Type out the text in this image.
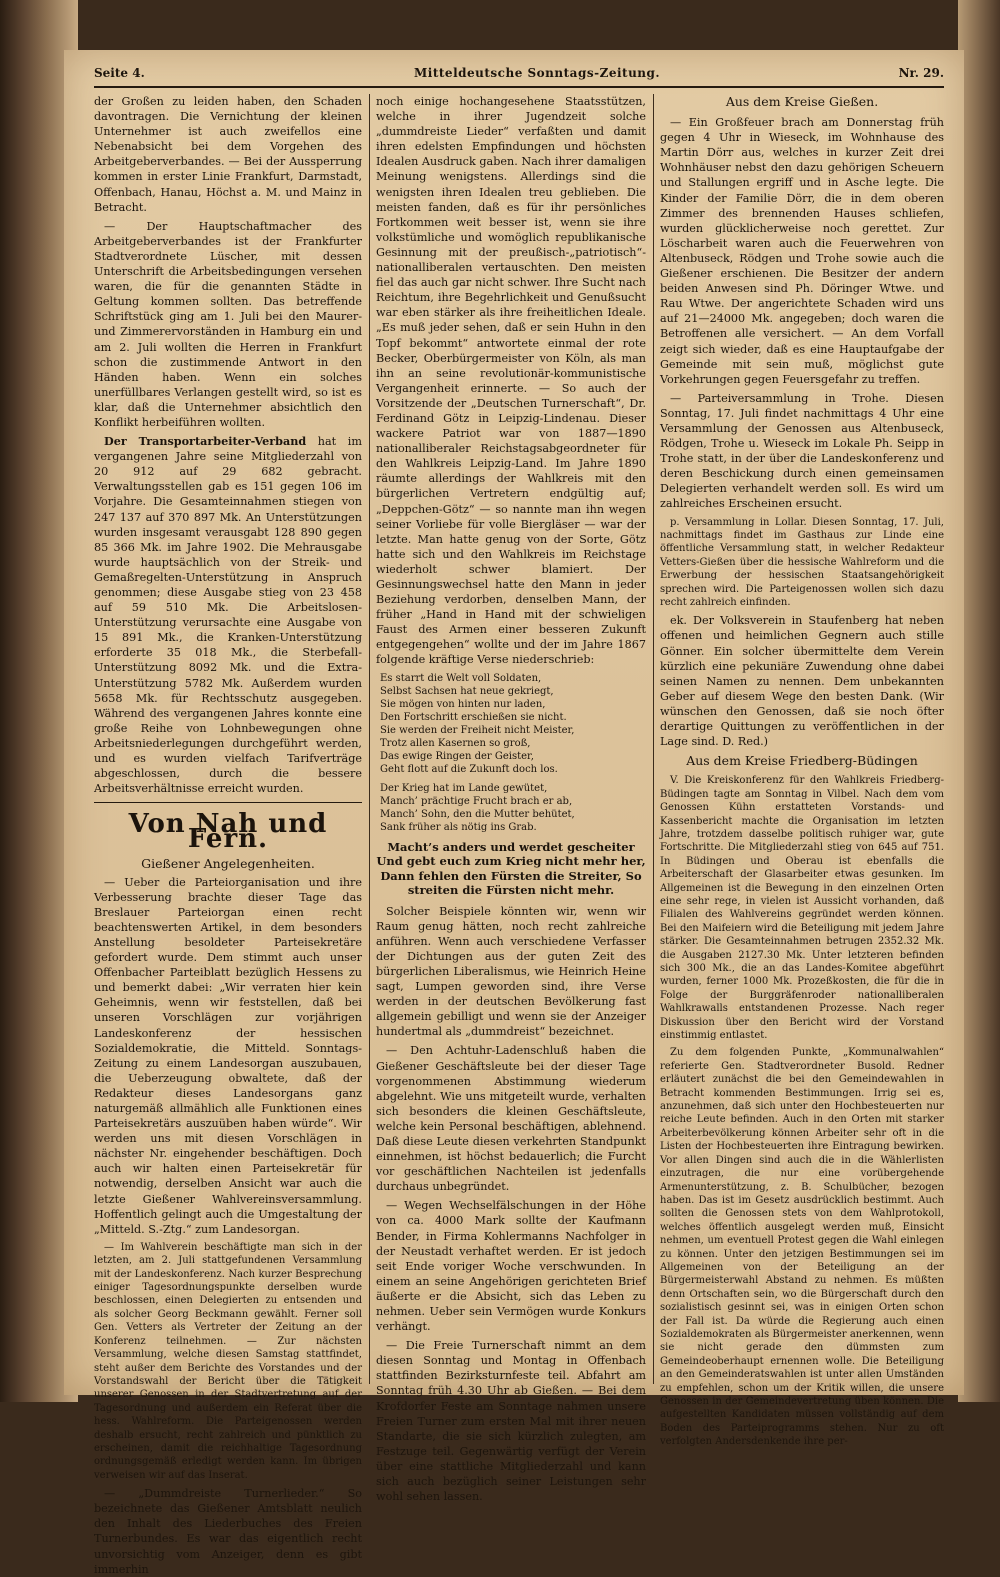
Seite 4.	Mitteldeutsche Sonntags-Zeitung.	Nr. 29.

der Großen zu leiden haben, den Schaden davontragen. Die Vernichtung der kleinen Unternehmer ist auch zweifellos eine Nebenabsicht bei dem Vorgehen des Arbeitgeberverbandes. — Bei der Aussperrung kommen in erster Linie Frankfurt, Darmstadt, Offenbach, Hanau, Höchst a. M. und Mainz in Betracht.

— Der Hauptschaftmacher des Arbeitgeberverbandes ist der Frankfurter Stadtverordnete Lüscher, mit dessen Unterschrift die Arbeitsbedingungen versehen waren, die für die genannten Städte in Geltung kommen sollten. Das betreffende Schriftstück ging am 1. Juli bei den Maurer- und Zimmerervorständen in Hamburg ein und am 2. Juli wollten die Herren in Frankfurt schon die zustimmende Antwort in den Händen haben. Wenn ein solches unerfüllbares Verlangen gestellt wird, so ist es klar, daß die Unternehmer absichtlich den Konflikt herbeiführen wollten.

Der Transportarbeiter-Verband hat im vergangenen Jahre seine Mitgliederzahl von 20 912 auf 29 682 gebracht. Verwaltungsstellen gab es 151 gegen 106 im Vorjahre. Die Gesamteinnahmen stiegen von 247 137 auf 370 897 Mk. An Unterstützungen wurden insgesamt verausgabt 128 890 gegen 85 366 Mk. im Jahre 1902. Die Mehrausgabe wurde hauptsächlich von der Streik- und Gemaßregelten-Unterstützung in Anspruch genommen; diese Ausgabe stieg von 23 458 auf 59 510 Mk. Die Arbeitslosen-Unterstützung verursachte eine Ausgabe von 15 891 Mk., die Kranken-Unterstützung erforderte 35 018 Mk., die Sterbefall-Unterstützung 8092 Mk. und die Extra-Unterstützung 5782 Mk. Außerdem wurden 5658 Mk. für Rechtsschutz ausgegeben. Während des vergangenen Jahres konnte eine große Reihe von Lohnbewegungen ohne Arbeitsniederlegungen durchgeführt werden, und es wurden vielfach Tarifverträge abgeschlossen, durch die bessere Arbeitsverhältnisse erreicht wurden.

Von Nah und Fern.
Gießener Angelegenheiten.

— Ueber die Parteiorganisation und ihre Verbesserung brachte dieser Tage das Breslauer Parteiorgan einen recht beachtenswerten Artikel, in dem besonders Anstellung besoldeter Parteisekretäre gefordert wurde. Dem stimmt auch unser Offenbacher Parteiblatt bezüglich Hessens zu und bemerkt dabei: „Wir verraten hier kein Geheimnis, wenn wir feststellen, daß bei unseren Vorschlägen zur vorjährigen Landeskonferenz der hessischen Sozialdemokratie, die Mitteld. Sonntags-Zeitung zu einem Landesorgan auszubauen, die Ueberzeugung obwaltete, daß der Redakteur dieses Landesorgans ganz naturgemäß allmählich alle Funktionen eines Parteisekretärs auszuüben haben würde“. Wir werden uns mit diesen Vorschlägen in nächster Nr. eingehender beschäftigen. Doch auch wir halten einen Parteisekretär für notwendig, derselben Ansicht war auch die letzte Gießener Wahlvereinsversammlung. Hoffentlich gelingt auch die Umgestaltung der „Mitteld. S.-Ztg.“ zum Landesorgan.

— Im Wahlverein beschäftigte man sich in der letzten, am 2. Juli stattgefundenen Versammlung mit der Landeskonferenz. Nach kurzer Besprechung einiger Tagesordnungspunkte derselben wurde beschlossen, einen Delegierten zu entsenden und als solcher Georg Beckmann gewählt. Ferner soll Gen. Vetters als Vertreter der Zeitung an der Konferenz teilnehmen. — Zur nächsten Versammlung, welche diesen Samstag stattfindet, steht außer dem Berichte des Vorstandes und der Vorstandswahl der Bericht über die Tätigkeit unserer Genossen in der Stadtvertretung auf der Tagesordnung und außerdem ein Referat über die hess. Wahlreform. Die Parteigenossen werden deshalb ersucht, recht zahlreich und pünktlich zu erscheinen, damit die reichhaltige Tagesordnung ordnungsgemäß erledigt werden kann. Im übrigen verweisen wir auf das Inserat.

— „Dummdreiste Turnerlieder.“ So bezeichnete das Gießener Amtsblatt neulich den Inhalt des Liederbuches des Freien Turnerbundes. Es war das eigentlich recht unvorsichtig vom Anzeiger, denn es gibt immerhin

noch einige hochangesehene Staatsstützen, welche in ihrer Jugendzeit solche „dummdreiste Lieder“ verfaßten und damit ihren edelsten Empfindungen und höchsten Idealen Ausdruck gaben. Nach ihrer damaligen Meinung wenigstens. Allerdings sind die wenigsten ihren Idealen treu geblieben. Die meisten fanden, daß es für ihr persönliches Fortkommen weit besser ist, wenn sie ihre volkstümliche und womöglich republikanische Gesinnung mit der preußisch-„patriotisch“-nationalliberalen vertauschten. Den meisten fiel das auch gar nicht schwer. Ihre Sucht nach Reichtum, ihre Begehrlichkeit und Genußsucht war eben stärker als ihre freiheitlichen Ideale. „Es muß jeder sehen, daß er sein Huhn in den Topf bekommt“ antwortete einmal der rote Becker, Oberbürgermeister von Köln, als man ihn an seine revolutionär-kommunistische Vergangenheit erinnerte. — So auch der Vorsitzende der „Deutschen Turnerschaft“, Dr. Ferdinand Götz in Leipzig-Lindenau. Dieser wackere Patriot war von 1887—1890 nationalliberaler Reichstagsabgeordneter für den Wahlkreis Leipzig-Land. Im Jahre 1890 räumte allerdings der Wahlkreis mit den bürgerlichen Vertretern endgültig auf; „Deppchen-Götz“ — so nannte man ihn wegen seiner Vorliebe für volle Biergläser — war der letzte. Man hatte genug von der Sorte, Götz hatte sich und den Wahlkreis im Reichstage wiederholt schwer blamiert. Der Gesinnungswechsel hatte den Mann in jeder Beziehung verdorben, denselben Mann, der früher „Hand in Hand mit der schwieligen Faust des Armen einer besseren Zukunft entgegengehen“ wollte und der im Jahre 1867 folgende kräftige Verse niederschrieb:

Es starrt die Welt voll Soldaten,
Selbst Sachsen hat neue gekriegt,
Sie mögen von hinten nur laden,
Den Fortschritt erschießen sie nicht.
Sie werden der Freiheit nicht Meister,
Trotz allen Kasernen so groß,
Das ewige Ringen der Geister,
Geht flott auf die Zukunft doch los.
Der Krieg hat im Lande gewütet,
Manch’ prächtige Frucht brach er ab,
Manch’ Sohn, den die Mutter behütet,
Sank früher als nötig ins Grab.
Macht’s anders und werdet gescheiter Und gebt euch zum Krieg nicht mehr her, Dann fehlen den Fürsten die Streiter, So streiten die Fürsten nicht mehr.

Solcher Beispiele könnten wir, wenn wir Raum genug hätten, noch recht zahlreiche anführen. Wenn auch verschiedene Verfasser der Dichtungen aus der guten Zeit des bürgerlichen Liberalismus, wie Heinrich Heine sagt, Lumpen geworden sind, ihre Verse werden in der deutschen Bevölkerung fast allgemein gebilligt und wenn sie der Anzeiger hundertmal als „dummdreist“ bezeichnet.

— Den Achtuhr-Ladenschluß haben die Gießener Geschäftsleute bei der dieser Tage vorgenommenen Abstimmung wiederum abgelehnt. Wie uns mitgeteilt wurde, verhalten sich besonders die kleinen Geschäftsleute, welche kein Personal beschäftigen, ablehnend. Daß diese Leute diesen verkehrten Standpunkt einnehmen, ist höchst bedauerlich; die Furcht vor geschäftlichen Nachteilen ist jedenfalls durchaus unbegründet.

— Wegen Wechselfälschungen in der Höhe von ca. 4000 Mark sollte der Kaufmann Bender, in Firma Kohlermanns Nachfolger in der Neustadt verhaftet werden. Er ist jedoch seit Ende voriger Woche verschwunden. In einem an seine Angehörigen gerichteten Brief äußerte er die Absicht, sich das Leben zu nehmen. Ueber sein Vermögen wurde Konkurs verhängt.

— Die Freie Turnerschaft nimmt an dem diesen Sonntag und Montag in Offenbach stattfinden Bezirksturnfeste teil. Abfahrt am Sonntag früh 4.30 Uhr ab Gießen. — Bei dem Krofdorfer Feste am Sonntage nahmen unsere Freien Turner zum ersten Mal mit ihrer neuen Standarte, die sie sich kürzlich zulegten, am Festzuge teil. Gegenwärtig verfügt der Verein über eine stattliche Mitgliederzahl und kann sich auch bezüglich seiner Leistungen sehr wohl sehen lassen.

Aus dem Kreise Gießen.

— Ein Großfeuer brach am Donnerstag früh gegen 4 Uhr in Wieseck, im Wohnhause des Martin Dörr aus, welches in kurzer Zeit drei Wohnhäuser nebst den dazu gehörigen Scheuern und Stallungen ergriff und in Asche legte. Die Kinder der Familie Dörr, die in dem oberen Zimmer des brennenden Hauses schliefen, wurden glücklicherweise noch gerettet. Zur Löscharbeit waren auch die Feuerwehren von Altenbuseck, Rödgen und Trohe sowie auch die Gießener erschienen. Die Besitzer der andern beiden Anwesen sind Ph. Döringer Wtwe. und Rau Wtwe. Der angerichtete Schaden wird uns auf 21—24000 Mk. angegeben; doch waren die Betroffenen alle versichert. — An dem Vorfall zeigt sich wieder, daß es eine Hauptaufgabe der Gemeinde mit sein muß, möglichst gute Vorkehrungen gegen Feuersgefahr zu treffen.

— Parteiversammlung in Trohe. Diesen Sonntag, 17. Juli findet nachmittags 4 Uhr eine Versammlung der Genossen aus Altenbuseck, Rödgen, Trohe u. Wieseck im Lokale Ph. Seipp in Trohe statt, in der über die Landeskonferenz und deren Beschickung durch einen gemeinsamen Delegierten verhandelt werden soll. Es wird um zahlreiches Erscheinen ersucht.

p. Versammlung in Lollar. Diesen Sonntag, 17. Juli, nachmittags findet im Gasthaus zur Linde eine öffentliche Versammlung statt, in welcher Redakteur Vetters-Gießen über die hessische Wahlreform und die Erwerbung der hessischen Staatsangehörigkeit sprechen wird. Die Parteigenossen wollen sich dazu recht zahlreich einfinden.

ek. Der Volksverein in Staufenberg hat neben offenen und heimlichen Gegnern auch stille Gönner. Ein solcher übermittelte dem Verein kürzlich eine pekuniäre Zuwendung ohne dabei seinen Namen zu nennen. Dem unbekannten Geber auf diesem Wege den besten Dank. (Wir wünschen den Genossen, daß sie noch öfter derartige Quittungen zu veröffentlichen in der Lage sind. D. Red.)

Aus dem Kreise Friedberg-Büdingen

V. Die Kreiskonferenz für den Wahlkreis Friedberg-Büdingen tagte am Sonntag in Vilbel. Nach dem vom Genossen Kühn erstatteten Vorstands- und Kassenbericht machte die Organisation im letzten Jahre, trotzdem dasselbe politisch ruhiger war, gute Fortschritte. Die Mitgliederzahl stieg von 645 auf 751. In Büdingen und Oberau ist ebenfalls die Arbeiterschaft der Glasarbeiter etwas gesunken. Im Allgemeinen ist die Bewegung in den einzelnen Orten eine sehr rege, in vielen ist Aussicht vorhanden, daß Filialen des Wahlvereins gegründet werden können. Bei den Maifeiern wird die Beteiligung mit jedem Jahre stärker. Die Gesamteinnahmen betrugen 2352.32 Mk. die Ausgaben 2127.30 Mk. Unter letzteren befinden sich 300 Mk., die an das Landes-Komitee abgeführt wurden, ferner 1000 Mk. Prozeßkosten, die für die in Folge der Burggräfenroder nationalliberalen Wahlkrawalls entstandenen Prozesse. Nach reger Diskussion über den Bericht wird der Vorstand einstimmig entlastet.

Zu dem folgenden Punkte, „Kommunalwahlen“ referierte Gen. Stadtverordneter Busold. Redner erläutert zunächst die bei den Gemeindewahlen in Betracht kommenden Bestimmungen. Irrig sei es, anzunehmen, daß sich unter den Hochbesteuerten nur reiche Leute befinden. Auch in den Orten mit starker Arbeiterbevölkerung können Arbeiter sehr oft in die Listen der Hochbesteuerten ihre Eintragung bewirken. Vor allen Dingen sind auch die in die Wählerlisten einzutragen, die nur eine vorübergehende Armenunterstützung, z. B. Schulbücher, bezogen haben. Das ist im Gesetz ausdrücklich bestimmt. Auch sollten die Genossen stets von dem Wahlprotokoll, welches öffentlich ausgelegt werden muß, Einsicht nehmen, um eventuell Protest gegen die Wahl einlegen zu können. Unter den jetzigen Bestimmungen sei im Allgemeinen von der Beteiligung an der Bürgermeisterwahl Abstand zu nehmen. Es müßten denn Ortschaften sein, wo die Bürgerschaft durch den sozialistisch gesinnt sei, was in einigen Orten schon der Fall ist. Da würde die Regierung auch einen Sozialdemokraten als Bürgermeister anerkennen, wenn sie nicht gerade den dümmsten zum Gemeindeoberhaupt ernennen wolle. Die Beteiligung an den Gemeinderatswahlen ist unter allen Umständen zu empfehlen, schon um der Kritik willen, die unsere Genossen in der Gemeindevertretung üben können. Die aufgestellten Kandidaten müssen vollständig auf dem Boden des Parteiprogramms stehen. Nur zu oft verfolgten Andersdenkende ihre per-
